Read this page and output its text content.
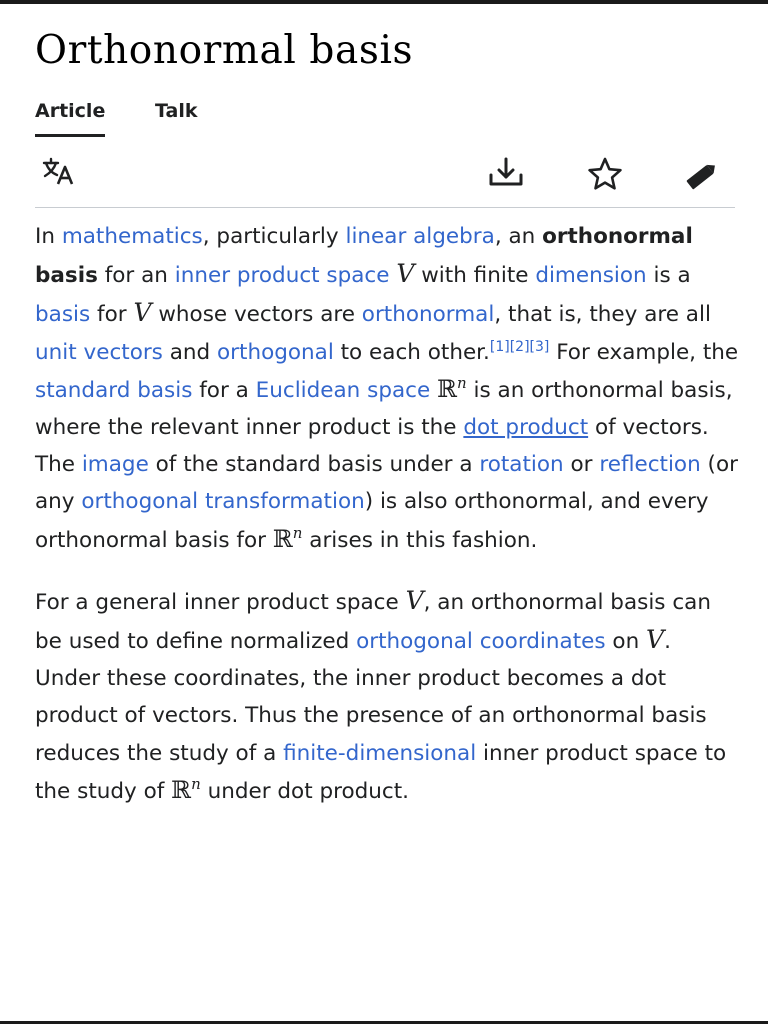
Orthonormal basis
Article	Talk

In mathematics, particularly linear algebra, an orthonormal basis for an inner product space V with finite dimension is a basis for V whose vectors are orthonormal, that is, they are all unit vectors and orthogonal to each other.[1][2][3] For example, the standard basis for a Euclidean space ℝ$^n$ is an orthonormal basis, where the relevant inner product is the dot product of vectors. The image of the standard basis under a rotation or reflection (or any orthogonal transformation) is also orthonormal, and every orthonormal basis for ℝ$^n$ arises in this fashion.

For a general inner product space V, an orthonormal basis can be used to define normalized orthogonal coordinates on V. Under these coordinates, the inner product becomes a dot product of vectors. Thus the presence of an orthonormal basis reduces the study of a finite-dimensional inner product space to the study of ℝ$^n$ under dot product.
